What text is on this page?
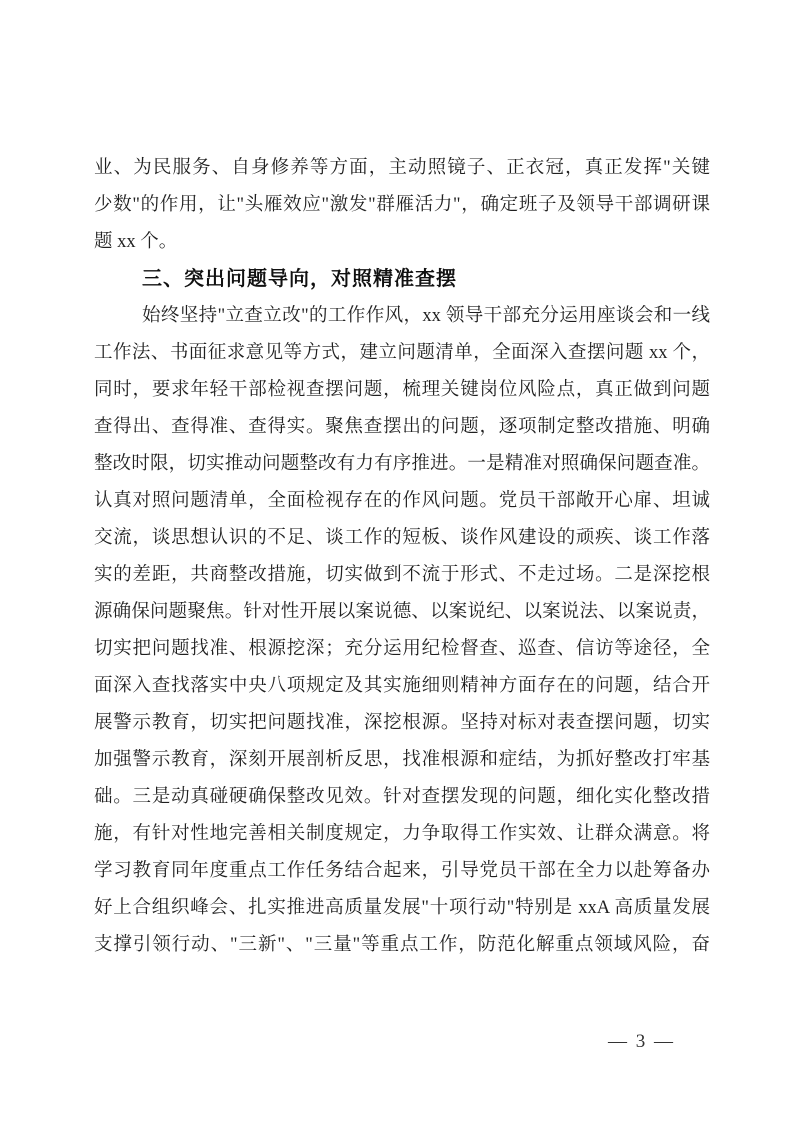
业、为民服务、自身修养等方面，主动照镜子、正衣冠，真正发挥"关键
少数"的作用，让"头雁效应"激发"群雁活力"，确定班子及领导干部调研课
题 xx 个。
三、突出问题导向，对照精准查摆
始终坚持"立查立改"的工作作风，xx 领导干部充分运用座谈会和一线
工作法、书面征求意见等方式，建立问题清单，全面深入查摆问题 xx 个，
同时，要求年轻干部检视查摆问题，梳理关键岗位风险点，真正做到问题
查得出、查得准、查得实。聚焦查摆出的问题，逐项制定整改措施、明确
整改时限，切实推动问题整改有力有序推进。一是精准对照确保问题查准。
认真对照问题清单，全面检视存在的作风问题。党员干部敞开心扉、坦诚
交流，谈思想认识的不足、谈工作的短板、谈作风建设的顽疾、谈工作落
实的差距，共商整改措施，切实做到不流于形式、不走过场。二是深挖根
源确保问题聚焦。针对性开展以案说德、以案说纪、以案说法、以案说责，
切实把问题找准、根源挖深；充分运用纪检督查、巡查、信访等途径，全
面深入查找落实中央八项规定及其实施细则精神方面存在的问题，结合开
展警示教育，切实把问题找准，深挖根源。坚持对标对表查摆问题，切实
加强警示教育，深刻开展剖析反思，找准根源和症结，为抓好整改打牢基
础。三是动真碰硬确保整改见效。针对查摆发现的问题，细化实化整改措
施，有针对性地完善相关制度规定，力争取得工作实效、让群众满意。将
学习教育同年度重点工作任务结合起来，引导党员干部在全力以赴筹备办
好上合组织峰会、扎实推进高质量发展"十项行动"特别是 xxA 高质量发展
支撑引领行动、"三新"、"三量"等重点工作，防范化解重点领域风险，奋
— 3 —
